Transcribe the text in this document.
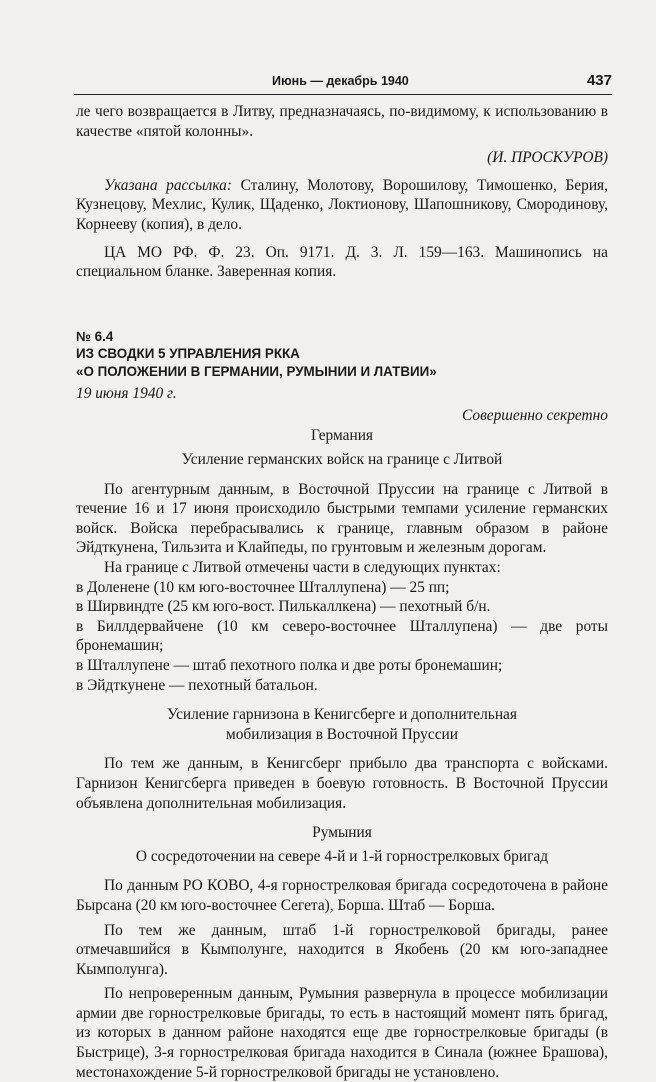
Июнь — декабрь 1940	437

ле чего возвращается в Литву, предназначаясь, по-видимому, к использованию в качестве «пятой колонны».

(И. ПРОСКУРОВ)

Указана рассылка: Сталину, Молотову, Ворошилову, Тимошенко, Берия, Кузнецову, Мехлис, Кулик, Щаденко, Локтионову, Шапошникову, Смородинову, Корнееву (копия), в дело.

ЦА МО РФ. Ф. 23. Оп. 9171. Д. 3. Л. 159—163. Машинопись на специальном бланке. Заверенная копия.

№ 6.4
ИЗ СВОДКИ 5 УПРАВЛЕНИЯ РККА
«О ПОЛОЖЕНИИ В ГЕРМАНИИ, РУМЫНИИ И ЛАТВИИ»

19 июня 1940 г.

Совершенно секретно

Германия

Усиление германских войск на границе с Литвой

По агентурным данным, в Восточной Пруссии на границе с Литвой в течение 16 и 17 июня происходило быстрыми темпами усиление германских войск. Войска перебрасывались к границе, главным образом в районе Эйдткунена, Тильзита и Клайпеды, по грунтовым и железным дорогам.

На границе с Литвой отмечены части в следующих пунктах:

в Доленене (10 км юго-восточнее Шталлупена) — 25 пп;

в Ширвиндте (25 км юго-вост. Пилькаллкена) — пехотный б/н.

в Биллдервайчене (10 км северо-восточнее Шталлупена) — две роты бронемашин;

в Шталлупене — штаб пехотного полка и две роты бронемашин;

в Эйдткунене — пехотный батальон.

Усиление гарнизона в Кенигсберге и дополнительная

мобилизация в Восточной Пруссии

По тем же данным, в Кенигсберг прибыло два транспорта с войсками. Гарнизон Кенигсберга приведен в боевую готовность. В Восточной Пруссии объявлена дополнительная мобилизация.

Румыния

О сосредоточении на севере 4-й и 1-й горнострелковых бригад

По данным РО КОВО, 4-я горнострелковая бригада сосредоточена в районе Бырсана (20 км юго-восточнее Сегета), Борша. Штаб — Борша.

По тем же данным, штаб 1-й горнострелковой бригады, ранее отмечавшийся в Кымполунге, находится в Якобень (20 км юго-западнее Кымполунга).

По непроверенным данным, Румыния развернула в процессе мобилизации армии две горнострелковые бригады, то есть в настоящий момент пять бригад, из которых в данном районе находятся еще две горнострелковые бригады (в Быстрице), 3-я горнострелковая бригада находится в Синала (южнее Брашова), местонахождение 5-й горнострелковой бригады не установлено.
